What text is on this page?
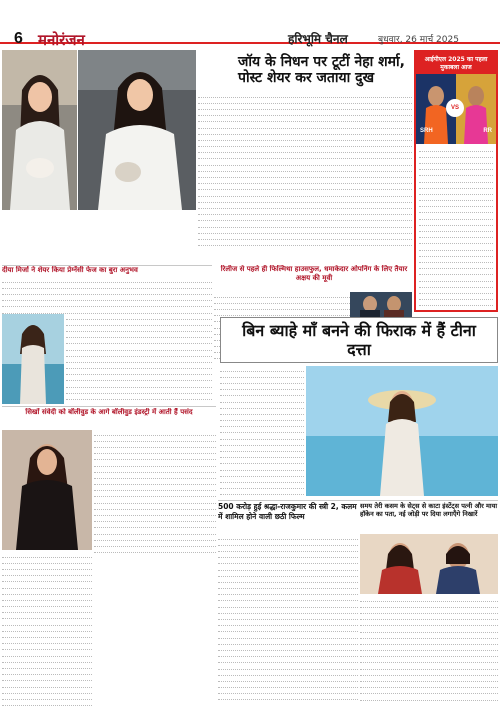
6 मनोरंजन	हरिभूमि चैनल	बुधवार, 26 मार्च 2025
जॉय के निधन पर टूटीं नेहा शर्मा, पोस्ट शेयर कर जताया दुख
दीया मिर्जा ने शेयर किया प्रेग्नेंसी फेज का बुरा अनुभव	रिलीज से पहले ही फिल्मिथा हाउसफुल, धमाकेदार ओपनिंग के लिए तैयार अक्षय की मूवी
आईपीएल 2025 का पहला मुकाबला आज
SRH	RR
VS
बिन ब्याहे माँ बनने की फिराक में हैं टीना दत्ता
सिखों संवेदी को बॉलीवुड के आगे बॉलीवुड इंडस्ट्री में आती हैं पसंद
500 करोड़ हुई श्रद्धा-राजकुमार की स्त्री 2, कलम में शामिल होने वाली छठी फिल्म
समय तेरी कसम के सेट्स से काटा इंस्टेंट्स पत्नी और माया हॉकेन का पता, नई जोड़ी पर दिया लगाएँगे निखारें
